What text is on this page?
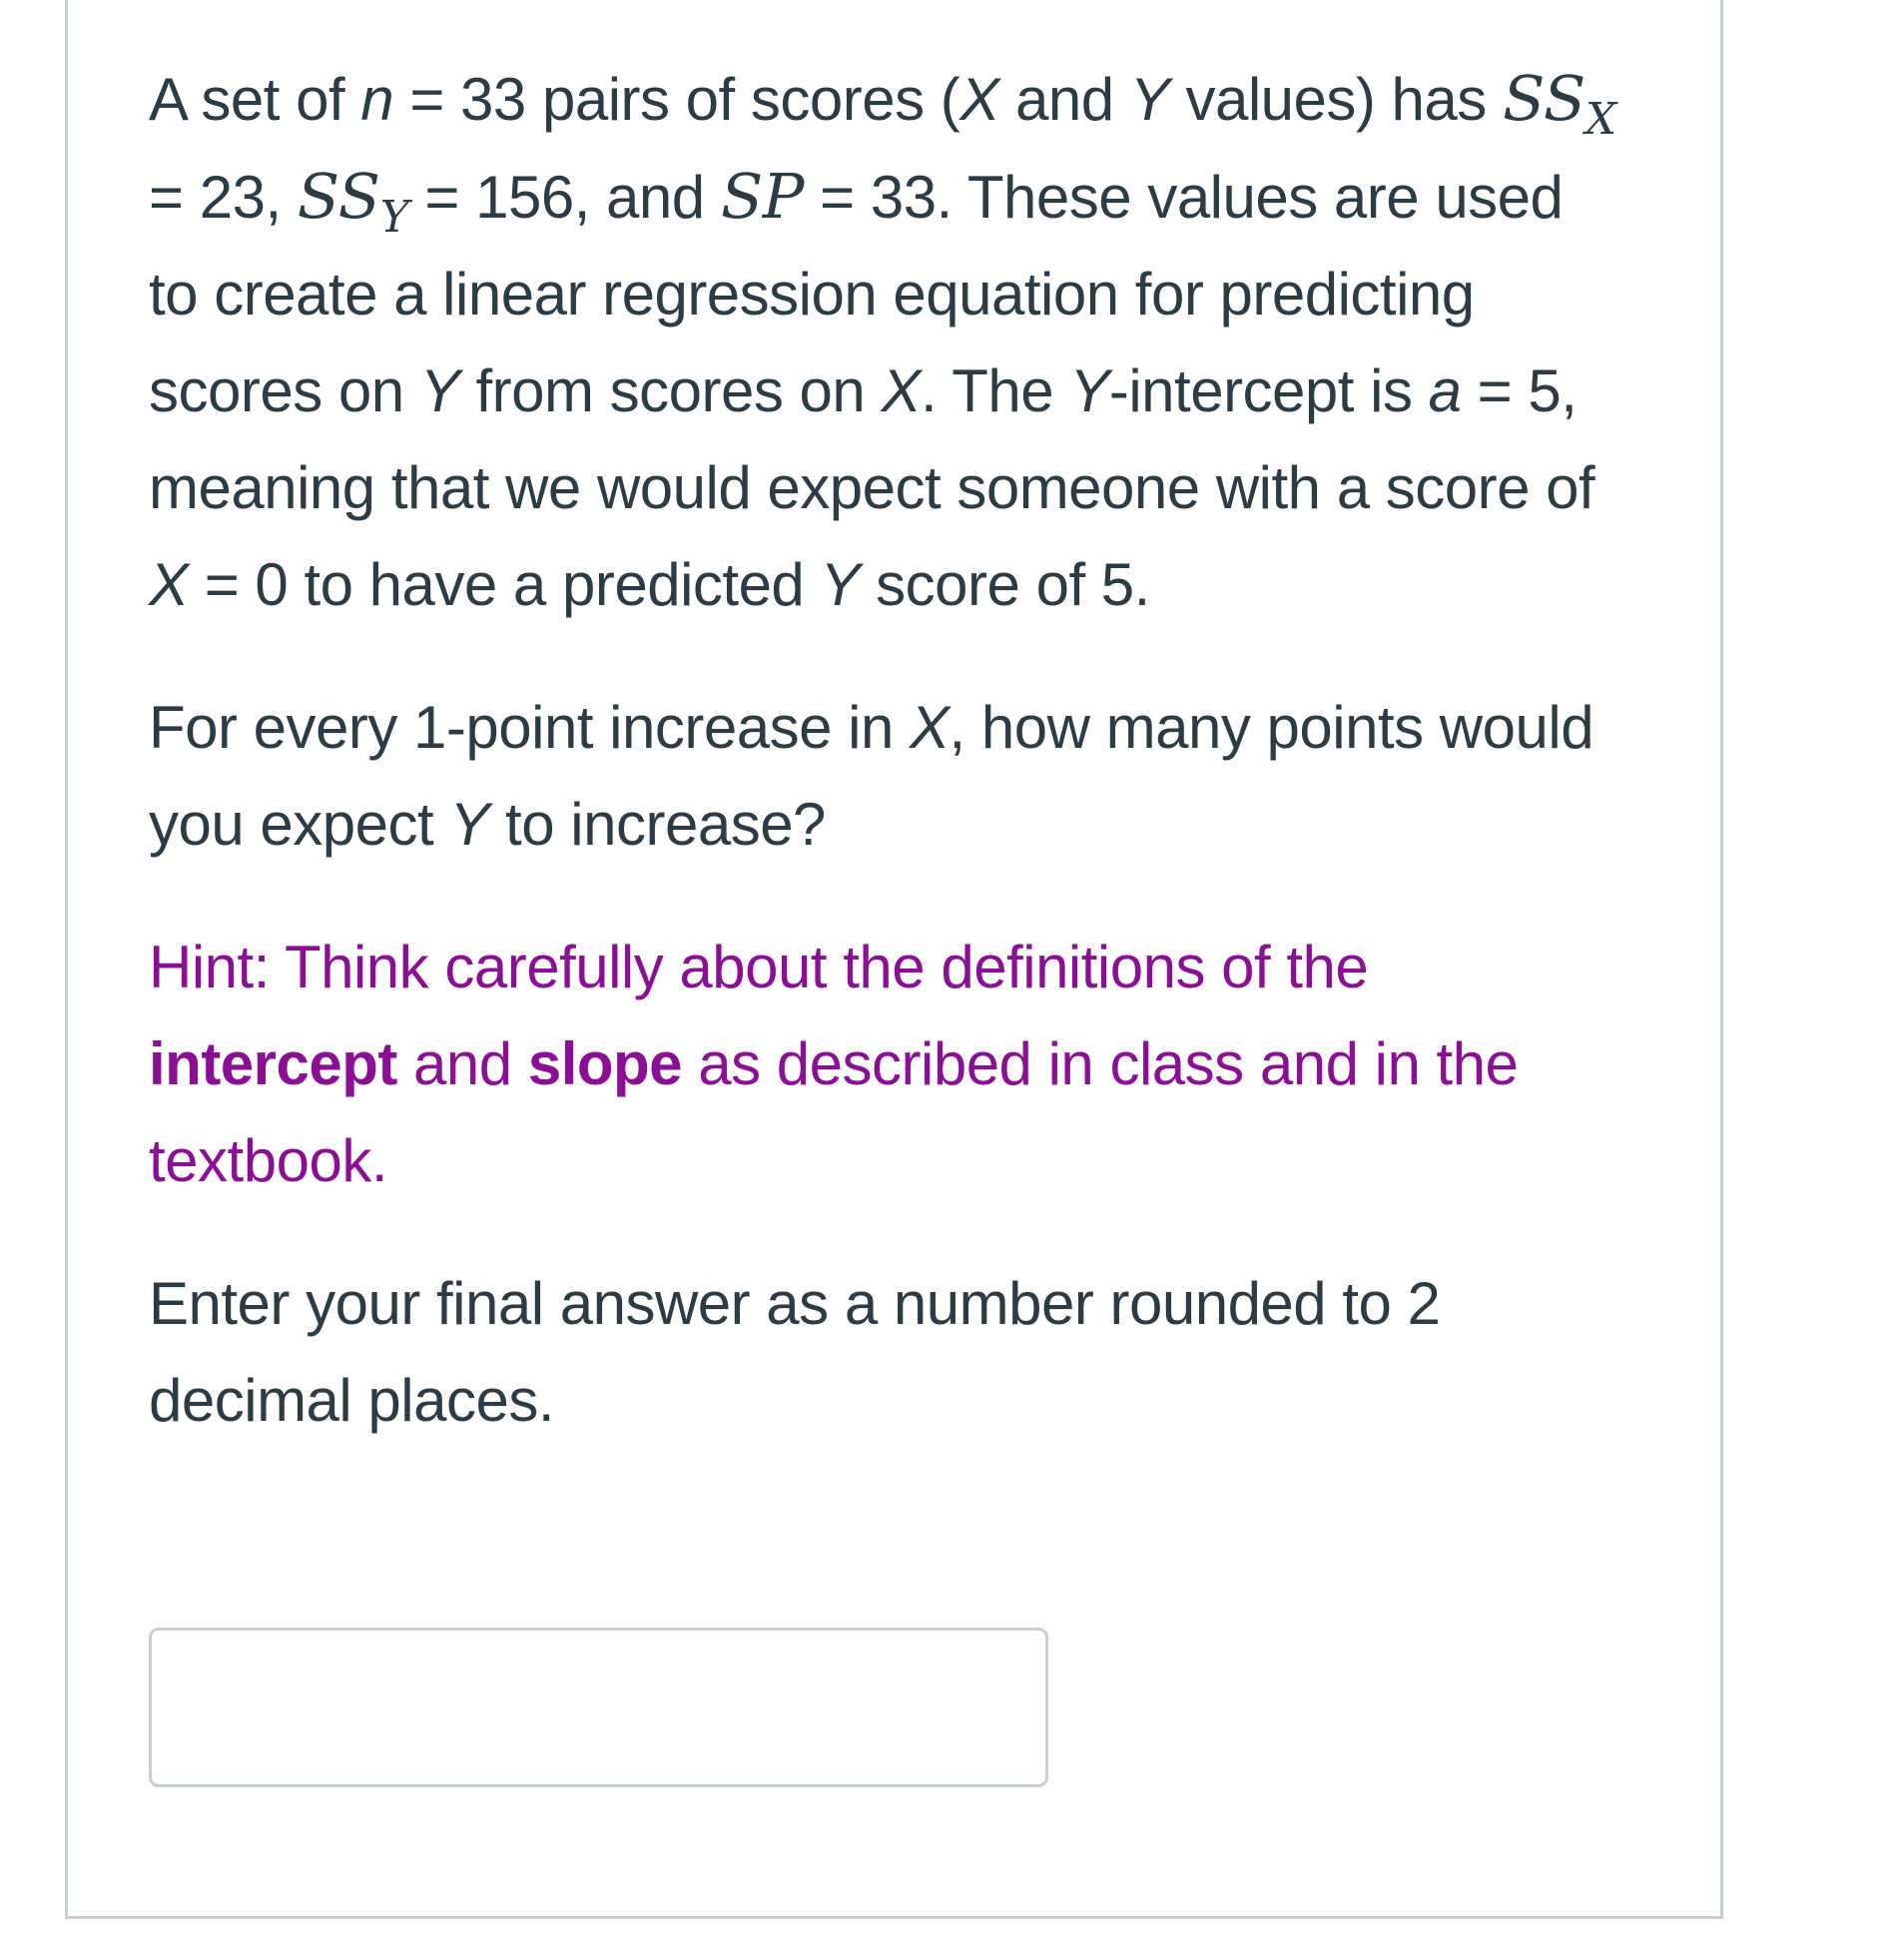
A set of n = 33 pairs of scores (X and Y values) has $SS_X = 23$, $SS_Y = 156$, and SP = 33. These values are used to create a linear regression equation for predicting scores on Y from scores on X. The Y-intercept is a = 5, meaning that we would expect someone with a score of X = 0 to have a predicted Y score of 5.

For every 1-point increase in X, how many points would you expect Y to increase?

Hint: Think carefully about the definitions of the intercept and slope as described in class and in the textbook.

Enter your final answer as a number rounded to 2 decimal places.
